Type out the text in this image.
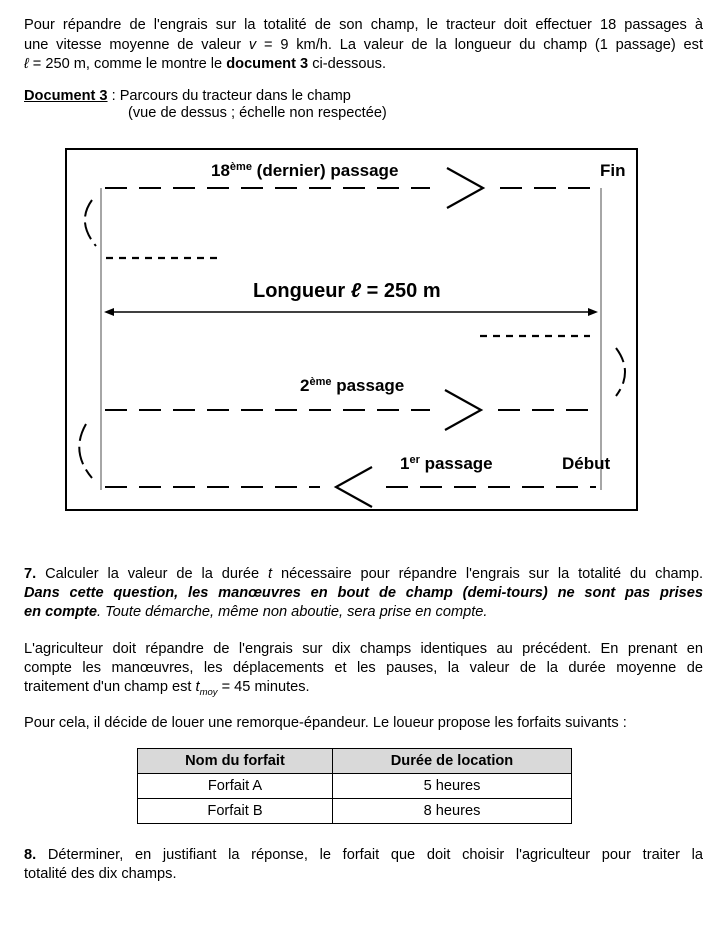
Pour répandre de l'engrais sur la totalité de son champ, le tracteur doit effectuer 18 passages à

une vitesse moyenne de valeur v = 9 km/h. La valeur de la longueur du champ (1 passage) est

ℓ = 250 m, comme le montre le document 3 ci-dessous.

Document 3 : Parcours du tracteur dans le champ
(vue de dessus ; échelle non respectée)
18ème (dernier) passage	Fin
Longueur ℓ = 250 m
2ème passage
1er passage	Début

7. Calculer la valeur de la durée t nécessaire pour répandre l'engrais sur la totalité du champ.

Dans cette question, les manœuvres en bout de champ (demi-tours) ne sont pas prises

en compte. Toute démarche, même non aboutie, sera prise en compte.

L'agriculteur doit répandre de l'engrais sur dix champs identiques au précédent. En prenant en

compte les manœuvres, les déplacements et les pauses, la valeur de la durée moyenne de

traitement d'un champ est $t_{moy} = 45$ minutes.

Pour cela, il décide de louer une remorque-épandeur. Le loueur propose les forfaits suivants :

Nom du forfait	Durée de location
Forfait A	5 heures
Forfait B	8 heures

8. Déterminer, en justifiant la réponse, le forfait que doit choisir l'agriculteur pour traiter la

totalité des dix champs.
